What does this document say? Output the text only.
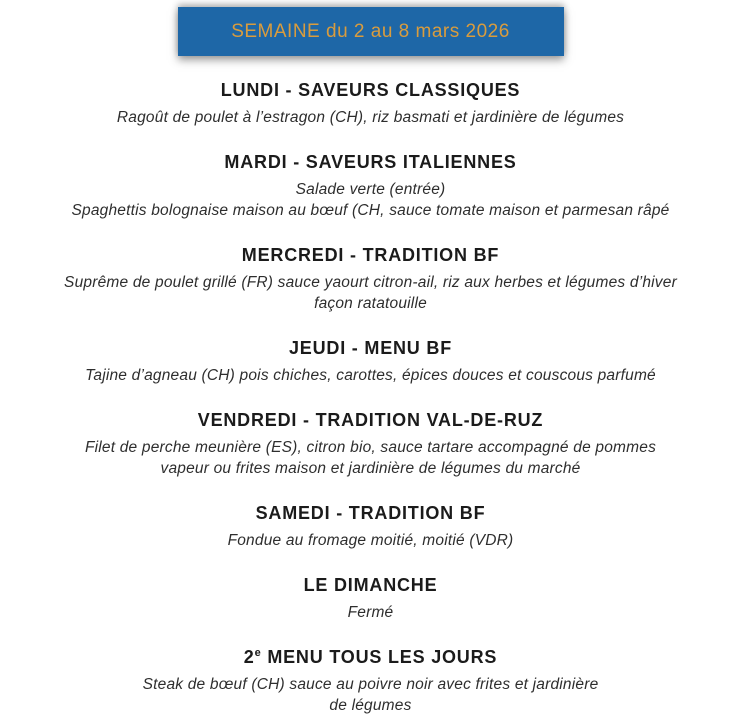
SEMAINE du 2 au 8 mars 2026
LUNDI - SAVEURS CLASSIQUES

Ragoût de poulet à l’estragon (CH), riz basmati et jardinière de légumes

MARDI - SAVEURS ITALIENNES

Salade verte (entrée)

Spaghettis bolognaise maison au bœuf (CH, sauce tomate maison et parmesan râpé

MERCREDI - TRADITION BF

Suprême de poulet grillé (FR) sauce yaourt citron-ail, riz aux herbes et légumes d’hiver

façon ratatouille

JEUDI - MENU BF

Tajine d’agneau (CH) pois chiches, carottes, épices douces et couscous parfumé

VENDREDI - TRADITION VAL-DE-RUZ

Filet de perche meunière (ES), citron bio, sauce tartare accompagné de pommes

vapeur ou frites maison et jardinière de légumes du marché

SAMEDI - TRADITION BF

Fondue au fromage moitié, moitié (VDR)

LE DIMANCHE

Fermé

2e MENU TOUS LES JOURS

Steak de bœuf (CH) sauce au poivre noir avec frites et jardinière

de légumes
